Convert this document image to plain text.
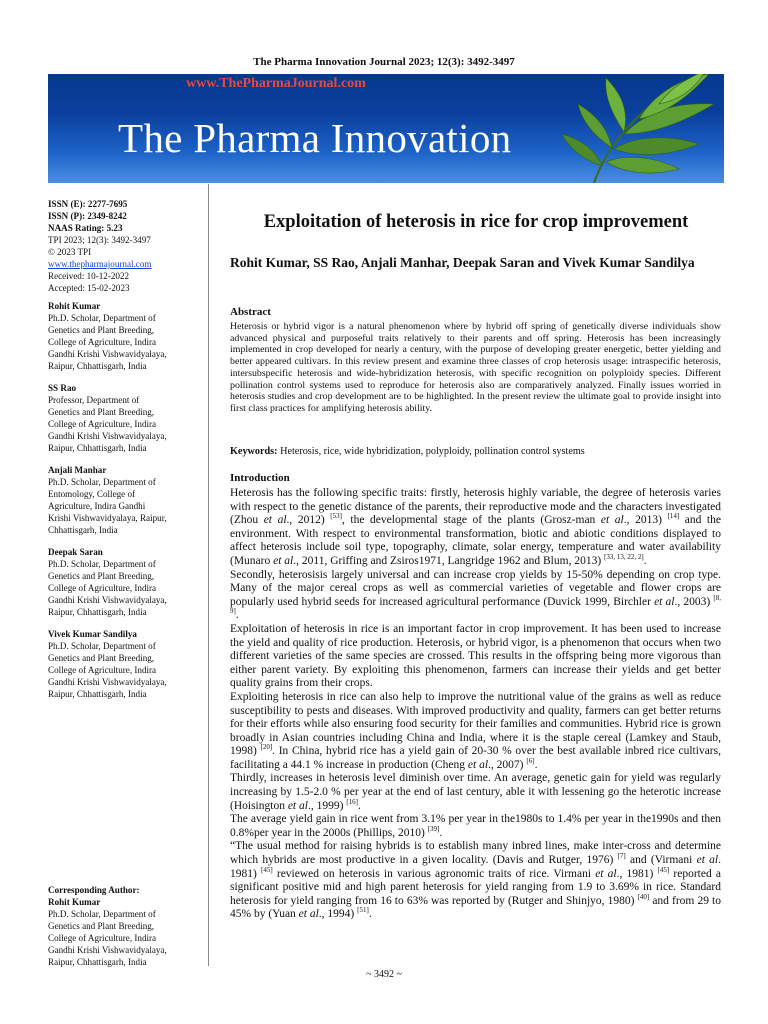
The Pharma Innovation Journal 2023; 12(3): 3492-3497
www.ThePharmaJournal.com
The Pharma Innovation
ISSN (E): 2277-7695
ISSN (P): 2349-8242
NAAS Rating: 5.23
TPI 2023; 12(3): 3492-3497
© 2023 TPI
www.thepharmajournal.com
Received: 10-12-2022
Accepted: 15-02-2023
Rohit Kumar
Ph.D. Scholar, Department of
Genetics and Plant Breeding,
College of Agriculture, Indira
Gandhi Krishi Vishwavidyalaya,
Raipur, Chhattisgarh, India
SS Rao
Professor, Department of
Genetics and Plant Breeding,
College of Agriculture, Indira
Gandhi Krishi Vishwavidyalaya,
Raipur, Chhattisgarh, India
Anjali Manhar
Ph.D. Scholar, Department of
Entomology, College of
Agriculture, Indira Gandhi
Krishi Vishwavidyalaya, Raipur,
Chhattisgarh, India
Deepak Saran
Ph.D. Scholar, Department of
Genetics and Plant Breeding,
College of Agriculture, Indira
Gandhi Krishi Vishwavidyalaya,
Raipur, Chhattisgarh, India
Vivek Kumar Sandilya
Ph.D. Scholar, Department of
Genetics and Plant Breeding,
College of Agriculture, Indira
Gandhi Krishi Vishwavidyalaya,
Raipur, Chhattisgarh, India
Corresponding Author:
Rohit Kumar
Ph.D. Scholar, Department of
Genetics and Plant Breeding,
College of Agriculture, Indira
Gandhi Krishi Vishwavidyalaya,
Raipur, Chhattisgarh, India
Exploitation of heterosis in rice for crop improvement
Rohit Kumar, SS Rao, Anjali Manhar, Deepak Saran and Vivek Kumar Sandilya
Abstract
Heterosis or hybrid vigor is a natural phenomenon where by hybrid off spring of genetically diverse individuals show advanced physical and purposeful traits relatively to their parents and off spring. Heterosis has been increasingly implemented in crop developed for nearly a century, with the purpose of developing greater energetic, better yielding and better appeared cultivars. In this review present and examine three classes of crop heterosis usage: intraspecific heterosis, intersubspecific heterosis and wide-hybridization heterosis, with specific recognition on polyploidy species. Different pollination control systems used to reproduce for heterosis also are comparatively analyzed. Finally issues worried in heterosis studies and crop development are to be highlighted. In the present review the ultimate goal to provide insight into first class practices for amplifying heterosis ability.
Keywords: Heterosis, rice, wide hybridization, polyploidy, pollination control systems
Introduction

Heterosis has the following specific traits: firstly, heterosis highly variable, the degree of heterosis varies with respect to the genetic distance of the parents, their reproductive mode and the characters investigated (Zhou et al., 2012) [53], the developmental stage of the plants (Grosz-man et al., 2013) [14] and the environment. With respect to environmental transformation, biotic and abiotic conditions displayed to affect heterosis include soil type, topography, climate, solar energy, temperature and water availability (Munaro et al., 2011, Griffing and Zsiros1971, Langridge 1962 and Blum, 2013) [33, 13, 22, 2].

Secondly, heterosisis largely universal and can increase crop yields by 15-50% depending on crop type. Many of the major cereal crops as well as commercial varieties of vegetable and flower crops are popularly used hybrid seeds for increased agricultural performance (Duvick 1999, Birchler et al., 2003) [8, 9].

Exploitation of heterosis in rice is an important factor in crop improvement. It has been used to increase the yield and quality of rice production. Heterosis, or hybrid vigor, is a phenomenon that occurs when two different varieties of the same species are crossed. This results in the offspring being more vigorous than either parent variety. By exploiting this phenomenon, farmers can increase their yields and get better quality grains from their crops.

Exploiting heterosis in rice can also help to improve the nutritional value of the grains as well as reduce susceptibility to pests and diseases. With improved productivity and quality, farmers can get better returns for their efforts while also ensuring food security for their families and communities. Hybrid rice is grown broadly in Asian countries including China and India, where it is the staple cereal (Lamkey and Staub, 1998) [20]. In China, hybrid rice has a yield gain of 20-30 % over the best available inbred rice cultivars, facilitating a 44.1 % increase in production (Cheng et al., 2007) [6].

Thirdly, increases in heterosis level diminish over time. An average, genetic gain for yield was regularly increasing by 1.5-2.0 % per year at the end of last century, able it with lessening go the heterotic increase (Hoisington et al., 1999) [16].

The average yield gain in rice went from 3.1% per year in the1980s to 1.4% per year in the1990s and then 0.8%per year in the 2000s (Phillips, 2010) [39].

“The usual method for raising hybrids is to establish many inbred lines, make inter-cross and determine which hybrids are most productive in a given locality. (Davis and Rutger, 1976) [7] and (Virmani et al. 1981) [45] reviewed on heterosis in various agronomic traits of rice. Virmani et al., 1981) [45] reported a significant positive mid and high parent heterosis for yield ranging from 1.9 to 3.69% in rice. Standard heterosis for yield ranging from 16 to 63% was reported by (Rutger and Shinjyo, 1980) [40] and from 29 to 45% by (Yuan et al., 1994) [51].

~ 3492 ~
